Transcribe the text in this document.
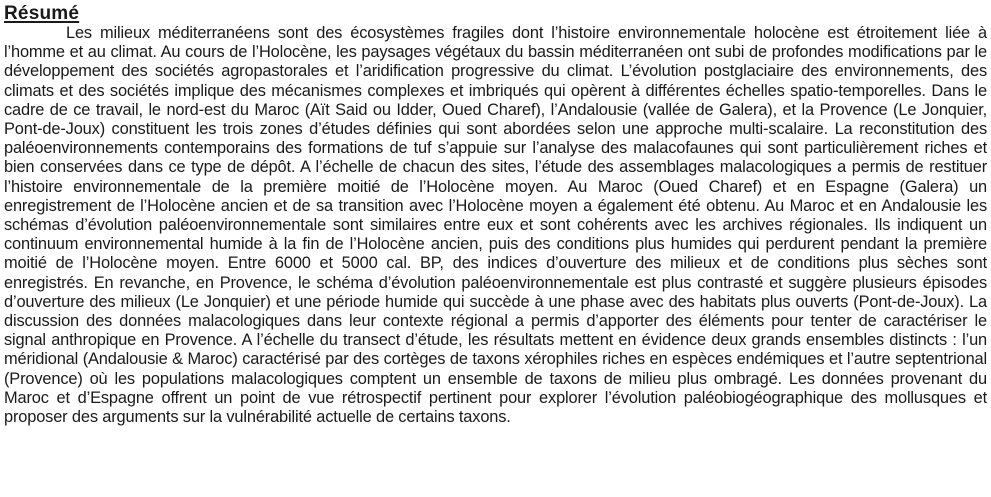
Résumé

Les milieux méditerranéens sont des écosystèmes fragiles dont l’histoire environnementale holocène est étroitement liée à l’homme et au climat. Au cours de l’Holocène, les paysages végétaux du bassin méditerranéen ont subi de profondes modifications par le développement des sociétés agropastorales et l’aridification progressive du climat. L’évolution postglaciaire des environnements, des climats et des sociétés implique des mécanismes complexes et imbriqués qui opèrent à différentes échelles spatio-temporelles. Dans le cadre de ce travail, le nord-est du Maroc (Aït Said ou Idder, Oued Charef), l’Andalousie (vallée de Galera), et la Provence (Le Jonquier, Pont-de-Joux) constituent les trois zones d’études définies qui sont abordées selon une approche multi-scalaire. La reconstitution des paléoenvironnements contemporains des formations de tuf s’appuie sur l’analyse des malacofaunes qui sont particulièrement riches et bien conservées dans ce type de dépôt. A l’échelle de chacun des sites, l’étude des assemblages malacologiques a permis de restituer l’histoire environnementale de la première moitié de l’Holocène moyen. Au Maroc (Oued Charef) et en Espagne (Galera) un enregistrement de l’Holocène ancien et de sa transition avec l’Holocène moyen a également été obtenu. Au Maroc et en Andalousie les schémas d’évolution paléoenvironnementale sont similaires entre eux et sont cohérents avec les archives régionales. Ils indiquent un continuum environnemental humide à la fin de l’Holocène ancien, puis des conditions plus humides qui perdurent pendant la première moitié de l’Holocène moyen. Entre 6000 et 5000 cal. BP, des indices d’ouverture des milieux et de conditions plus sèches sont enregistrés. En revanche, en Provence, le schéma d’évolution paléoenvironnementale est plus contrasté et suggère plusieurs épisodes d’ouverture des milieux (Le Jonquier) et une période humide qui succède à une phase avec des habitats plus ouverts (Pont-de-Joux). La discussion des données malacologiques dans leur contexte régional a permis d’apporter des éléments pour tenter de caractériser le signal anthropique en Provence. A l’échelle du transect d’étude, les résultats mettent en évidence deux grands ensembles distincts : l’un méridional (Andalousie & Maroc) caractérisé par des cortèges de taxons xérophiles riches en espèces endémiques et l’autre septentrional (Provence) où les populations malacologiques comptent un ensemble de taxons de milieu plus ombragé. Les données provenant du Maroc et d’Espagne offrent un point de vue rétrospectif pertinent pour explorer l’évolution paléobiogéographique des mollusques et proposer des arguments sur la vulnérabilité actuelle de certains taxons.
